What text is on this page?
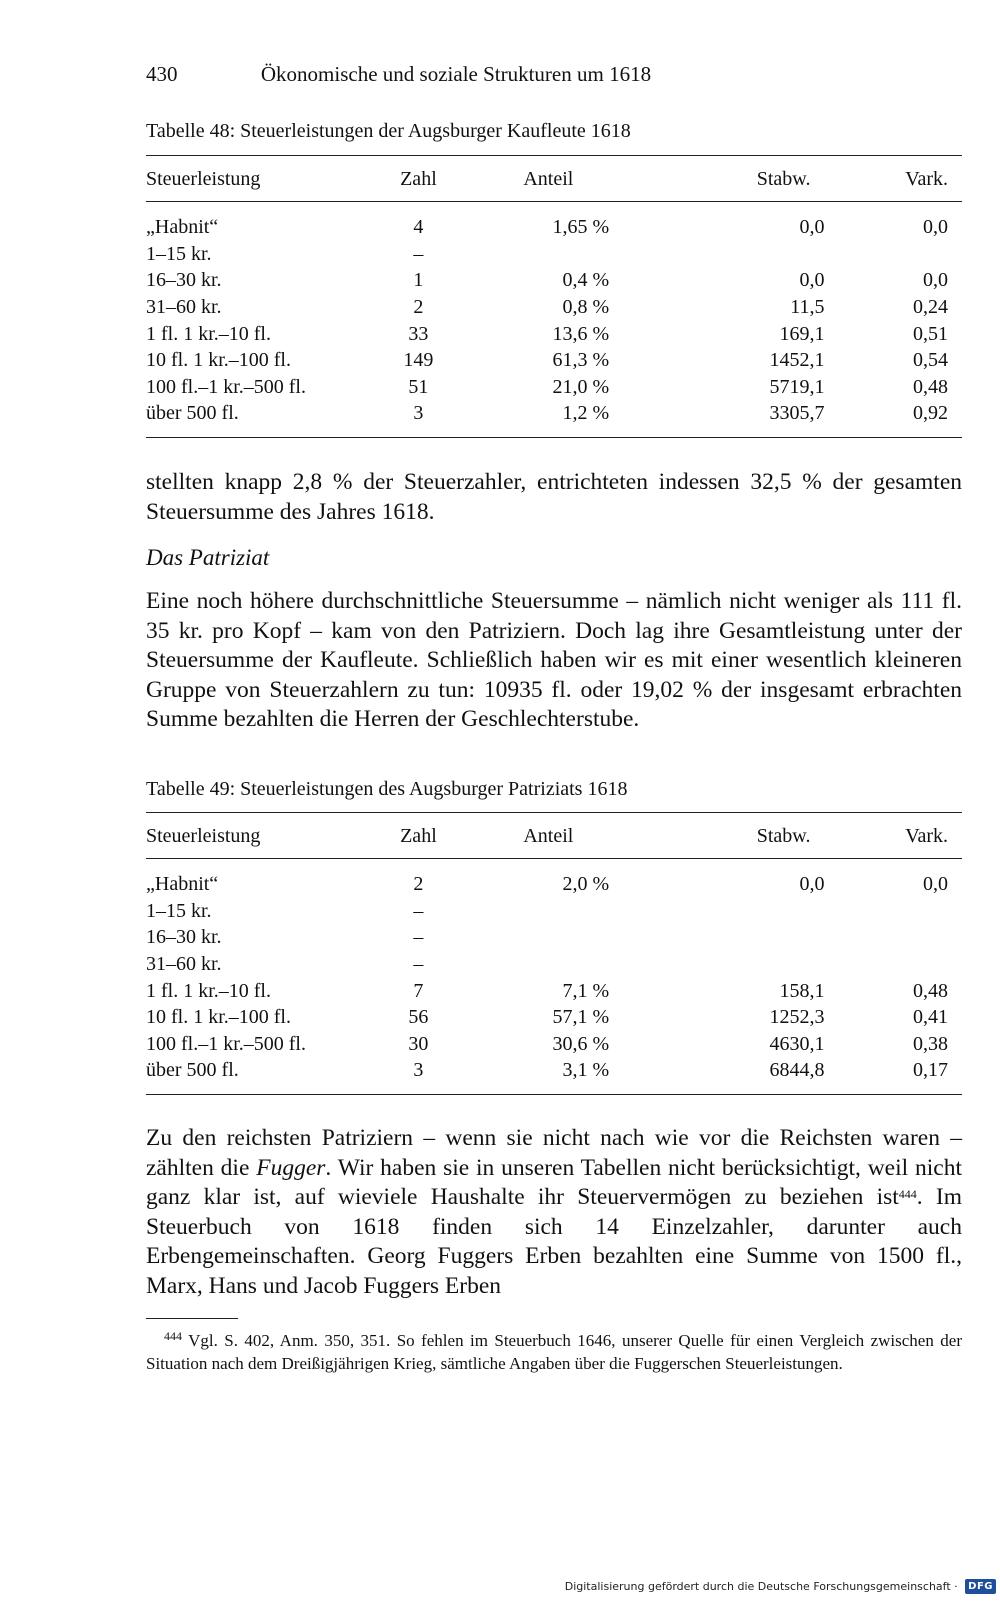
430	Ökonomische und soziale Strukturen um 1618
Tabelle 48: Steuerleistungen der Augsburger Kaufleute 1618
Steuerleistung	Zahl	Anteil	Stabw.	Vark.
„Habnit“	4	1,65 %	0,0	0,0
1–15 kr.	–			
16–30 kr.	1	0,4 %	0,0	0,0
31–60 kr.	2	0,8 %	11,5	0,24
1 fl. 1 kr.–10 fl.	33	13,6 %	169,1	0,51
10 fl. 1 kr.–100 fl.	149	61,3 %	1452,1	0,54
100 fl.–1 kr.–500 fl.	51	21,0 %	5719,1	0,48
über 500 fl.	3	1,2 %	3305,7	0,92
stellten knapp 2,8 % der Steuerzahler, entrichteten indessen 32,5 % der gesamten Steuersumme des Jahres 1618.
Das Patriziat
Eine noch höhere durchschnittliche Steuersumme – nämlich nicht weniger als 111 fl. 35 kr. pro Kopf – kam von den Patriziern. Doch lag ihre Gesamtleistung unter der Steuersumme der Kaufleute. Schließlich haben wir es mit einer wesentlich kleineren Gruppe von Steuerzahlern zu tun: 10935 fl. oder 19,02 % der insgesamt erbrachten Summe bezahlten die Herren der Geschlechterstube.
Tabelle 49: Steuerleistungen des Augsburger Patriziats 1618
Steuerleistung	Zahl	Anteil	Stabw.	Vark.
„Habnit“	2	2,0 %	0,0	0,0
1–15 kr.	–			
16–30 kr.	–			
31–60 kr.	–			
1 fl. 1 kr.–10 fl.	7	7,1 %	158,1	0,48
10 fl. 1 kr.–100 fl.	56	57,1 %	1252,3	0,41
100 fl.–1 kr.–500 fl.	30	30,6 %	4630,1	0,38
über 500 fl.	3	3,1 %	6844,8	0,17
Zu den reichsten Patriziern – wenn sie nicht nach wie vor die Reichsten waren – zählten die Fugger. Wir haben sie in unseren Tabellen nicht berücksichtigt, weil nicht ganz klar ist, auf wieviele Haushalte ihr Steuervermögen zu beziehen ist$^{444}$. Im Steuerbuch von 1618 finden sich 14 Einzelzahler, darunter auch Erbengemeinschaften. Georg Fuggers Erben bezahlten eine Summe von 1500 fl., Marx, Hans und Jacob Fuggers Erben
$^{444}$ Vgl. S. 402, Anm. 350, 351. So fehlen im Steuerbuch 1646, unserer Quelle für einen Vergleich zwischen der Situation nach dem Dreißigjährigen Krieg, sämtliche Angaben über die Fuggerschen Steuerleistungen.
Digitalisierung gefördert durch die Deutsche Forschungsgemeinschaft · DFG
